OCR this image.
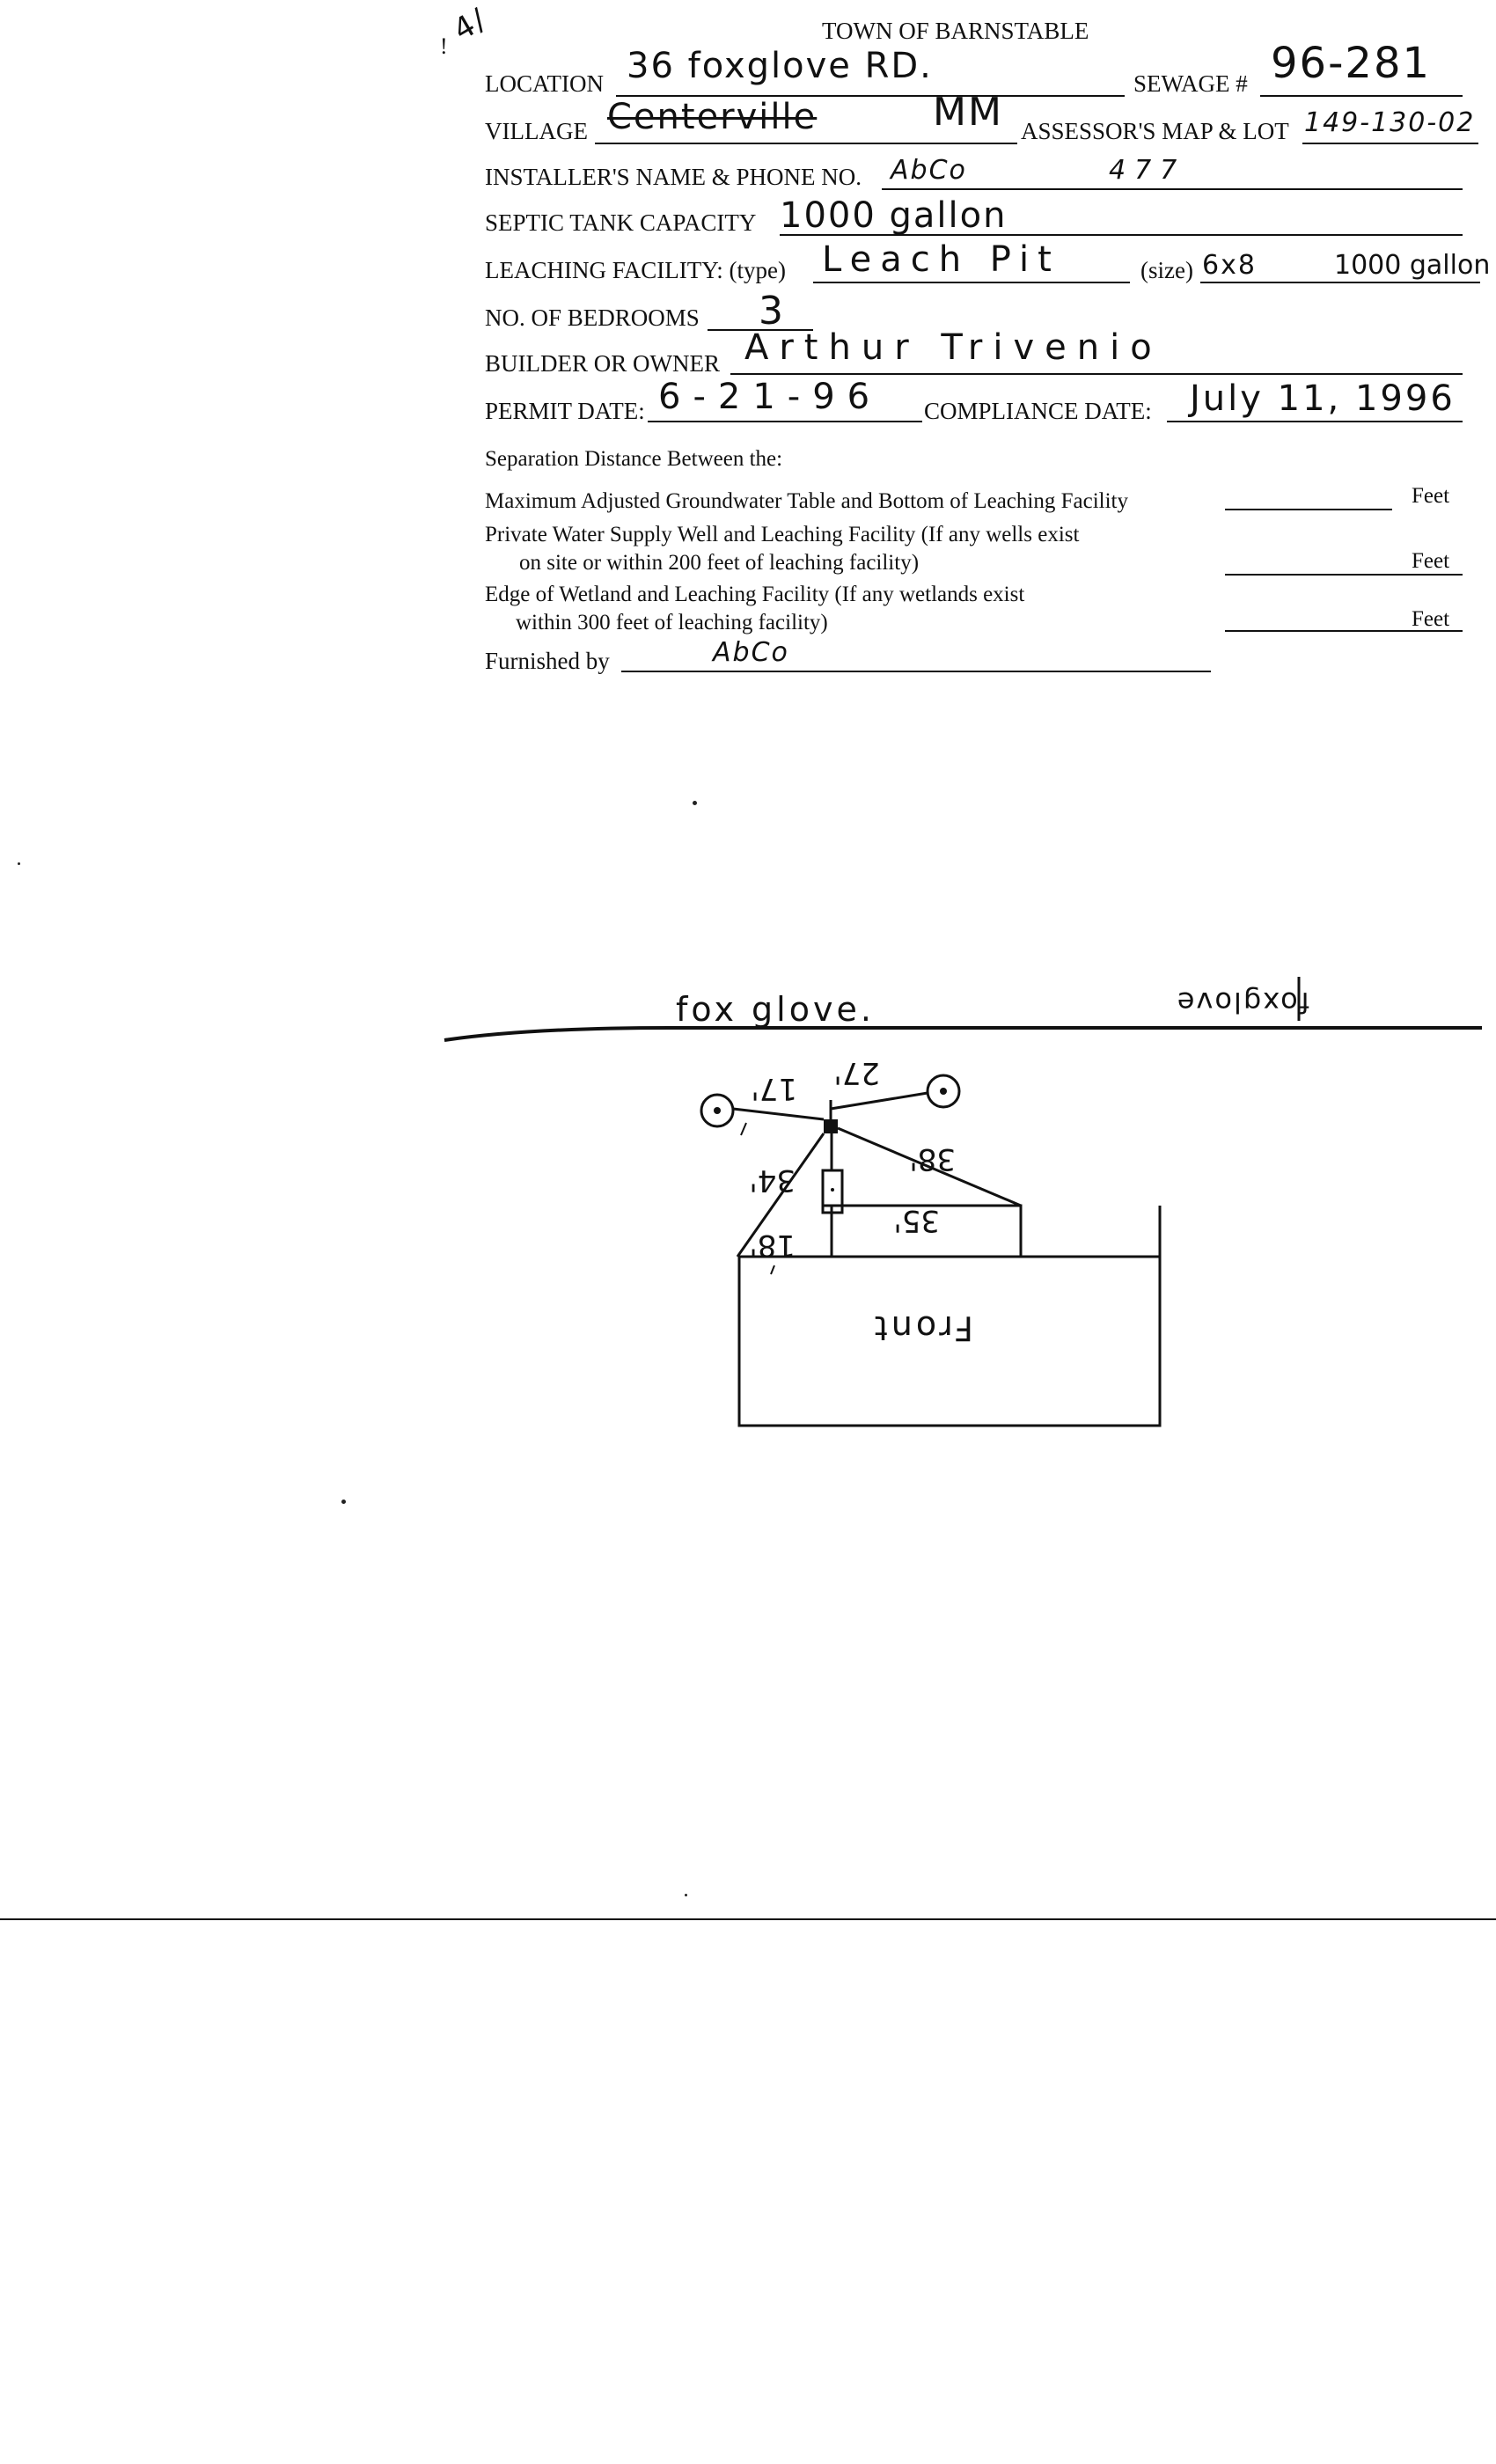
4/
!
TOWN OF BARNSTABLE
LOCATION 36 foxglove RD.	SEWAGE # 96-281
VILLAGE Centerville	MM ASSESSOR'S MAP & LOT 149-130-02
INSTALLER'S NAME & PHONE NO. AbCo	477
SEPTIC TANK CAPACITY 1000 gallon
LEACHING FACILITY: (type) Leach Pit	(size) 6x8	1000 gallon
NO. OF BEDROOMS 3
BUILDER OR OWNER Arthur Trivenio
PERMIT DATE: 6-21-96 COMPLIANCE DATE: July 11, 1996
Separation Distance Between the:
Maximum Adjusted Groundwater Table and Bottom of Leaching Facility	Feet
Private Water Supply Well and Leaching Facility (If any wells exist
on site or within 200 feet of leaching facility)	Feet
Edge of Wetland and Leaching Facility (If any wetlands exist
within 300 feet of leaching facility)	Feet
Furnished by	AbCo
fox glove.	foxglove
17' 27'
34'
38'
35'
18'
Front
